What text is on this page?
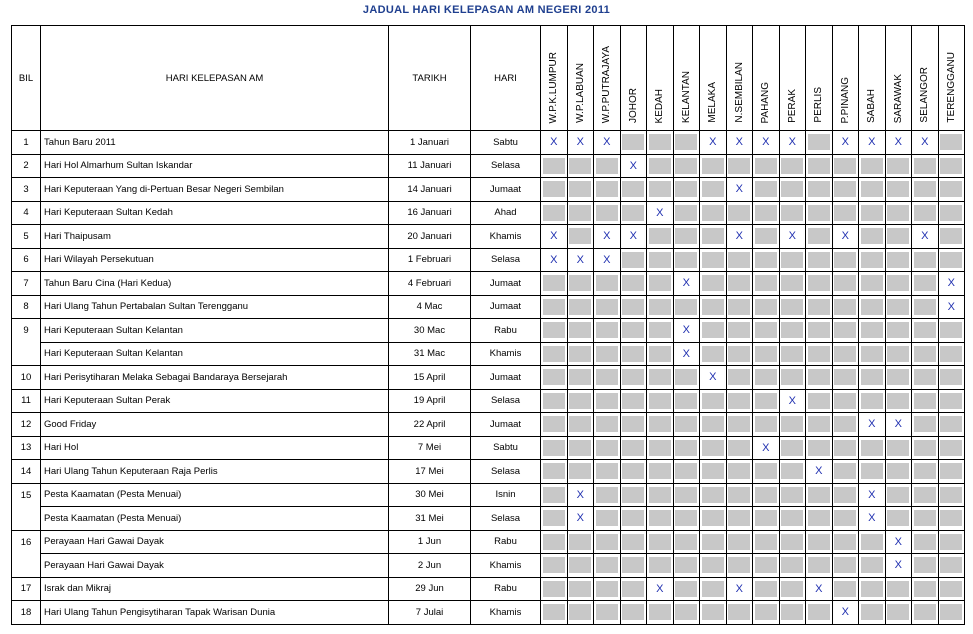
JADUAL HARI KELEPASAN AM NEGERI 2011
BIL	HARI KELEPASAN AM	TARIKH	HARI	W.P.K.LUMPUR	W.P.LABUAN	W.P.PUTRAJAYA	JOHOR	KEDAH	KELANTAN	MELAKA	N.SEMBILAN	PAHANG	PERAK	PERLIS	P.PINANG	SABAH	SARAWAK	SELANGOR	TERENGGANU
1	Tahun Baru 2011	1 Januari	Sabtu	X	X	X				X	X	X	X		X	X	X	X	

2	Hari Hol Almarhum Sultan Iskandar	11 Januari	Selasa				X												

3	Hari Keputeraan Yang di-Pertuan Besar Negeri Sembilan	14 Januari	Jumaat								X								

4	Hari Keputeraan Sultan Kedah	16 Januari	Ahad					X											

5	Hari Thaipusam	20 Januari	Khamis	X		X	X				X		X		X			X	

6	Hari Wilayah Persekutuan	1 Februari	Selasa	X	X	X													

7	Tahun Baru Cina (Hari Kedua)	4 Februari	Jumaat						X										X

8	Hari Ulang Tahun Pertabalan Sultan Terengganu	4 Mac	Jumaat																X

9	Hari Keputeraan Sultan Kelantan	30 Mac	Rabu						X										

	Hari Keputeraan Sultan Kelantan	31 Mac	Khamis						X										

10	Hari Perisytiharan Melaka Sebagai Bandaraya Bersejarah	15 April	Jumaat							X									

11	Hari Keputeraan Sultan Perak	19 April	Selasa										X						

12	Good Friday	22 April	Jumaat													X	X		

13	Hari Hol	7 Mei	Sabtu									X							

14	Hari Ulang Tahun Keputeraan Raja Perlis	17 Mei	Selasa											X					

15	Pesta Kaamatan (Pesta Menuai)	30 Mei	Isnin		X											X			

	Pesta Kaamatan (Pesta Menuai)	31 Mei	Selasa		X											X			

16	Perayaan Hari Gawai Dayak	1 Jun	Rabu														X		

	Perayaan Hari Gawai Dayak	2 Jun	Khamis														X		

17	Israk dan Mikraj	29 Jun	Rabu					X			X			X					

18	Hari Ulang Tahun Pengisytiharan Tapak Warisan Dunia	7 Julai	Khamis												X				
